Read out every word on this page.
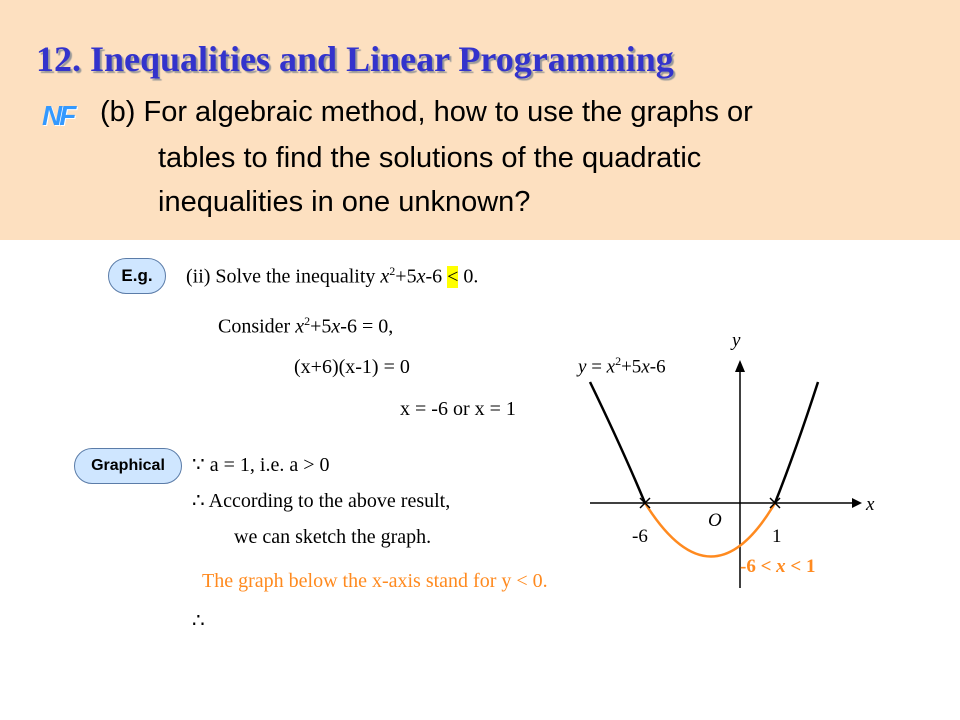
12. Inequalities and Linear Programming
NF (b) For algebraic method, how to use the graphs or
tables to find the solutions of the quadratic
inequalities in one unknown?
E.g.	(ii) Solve the inequality $x^2+5x-6 < 0$.
Consider $x^2+5x-6 = 0$,
(x+6)(x-1) = 0
x = -6 or x = 1
Graphical	∵ a = 1, i.e. a > 0
∴ According to the above result,
we can sketch the graph.
The graph below the x-axis stand for y < 0.
∴
$y = x^2+5x-6$
y
x
O
-6	1
-6 < x < 1
